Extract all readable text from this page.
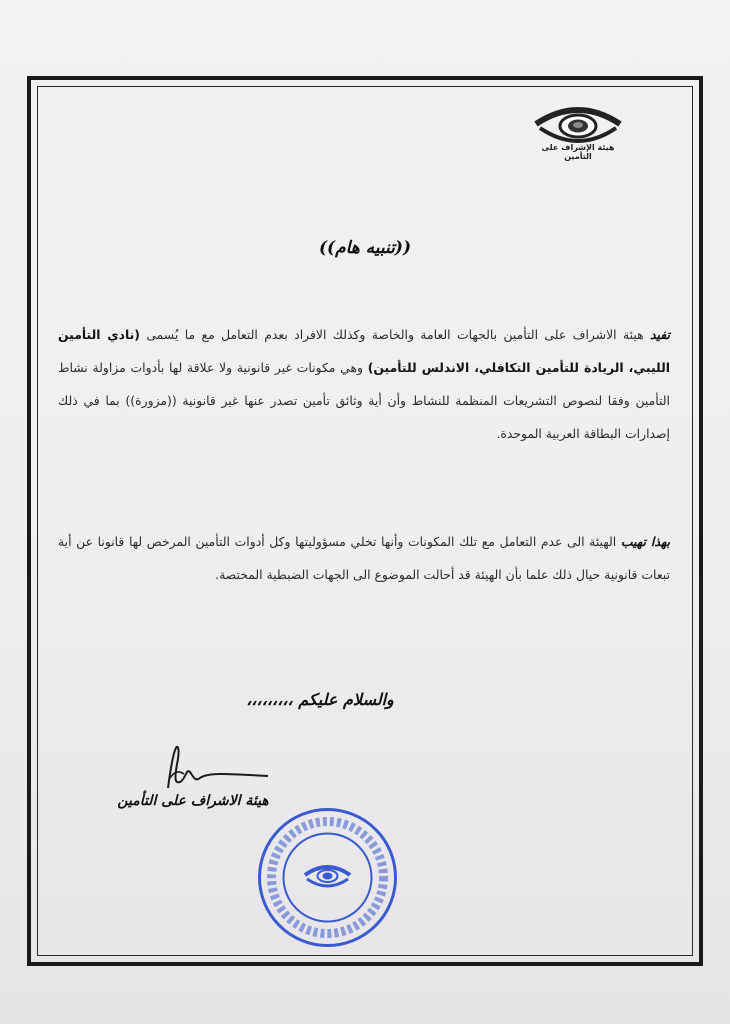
هيئة الإشراف على التأمين
((تنبيه هام))
تفيد هيئة الاشراف على التأمين بالجهات العامة والخاصة وكذلك الافراد بعدم التعامل مع ما يُسمى (نادي التأمين الليبي، الريادة للتأمين التكافلي، الاندلس للتأمين) وهي مكونات غير قانونية ولا علاقة لها بأدوات مزاولة نشاط التأمين وفقا لنصوص التشريعات المنظمة للنشاط وأن أية وثائق تأمين تصدر عنها غير قانونية ((مزورة)) بما في ذلك إصدارات البطاقة العربية الموحدة.
بهذا تهيب الهيئة الى عدم التعامل مع تلك المكونات وأنها تخلي مسؤوليتها وكل أدوات التأمين المرخص لها قانونا عن أية تبعات قانونية حيال ذلك علما بأن الهيئة قد أحالت الموضوع الى الجهات الضبطية المختصة.
والسلام عليكم ،،،،،،،،،
هيئة الاشراف على التأمين
